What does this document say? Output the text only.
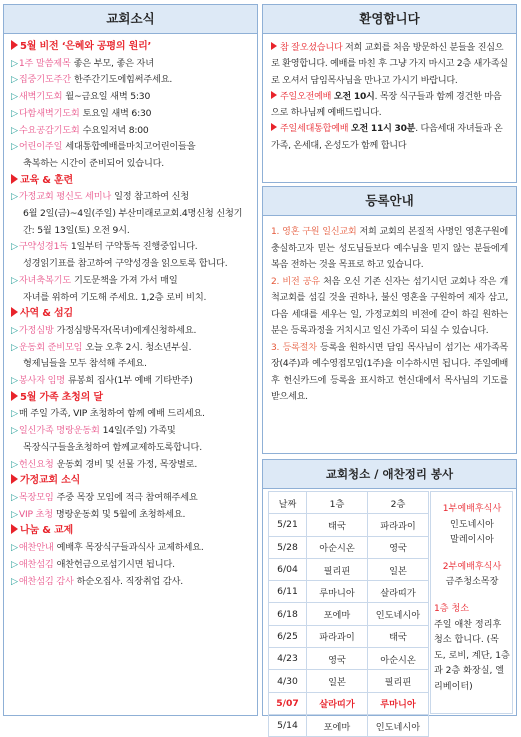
교회소식
5월 비전 ‘은혜와 공평의 원리’
▷1주 말씀제목 좋은 부모, 좋은 자녀
▷집중기도주간 한주간기도에힘써주세요.
▷새벽기도회 월~금요일 새벽 5:30
▷다함새벽기도회 토요일 새벽 6:30
▷수요공감기도회 수요일저녁 8:00
▷어린이주일 세대통합예배를마치고어린이들을
축복하는 시간이 준비되어 있습니다.
교육 & 훈련
▷가정교회 평신도 세미나 일정 참고하여 신청
6월 2일(금)~4일(주일) 부산미래로교회.4명신청 신청기간: 5월 13일(토) 오전 9시.
▷구약성경1독 1일부터 구약통독 진행중입니다.
성경읽기표를 참고하여 구약성경을 읽으토록 합니다.
▷자녀축복기도 기도문책을 가져 가서 매일
자녀를 위하여 기도해 주세요. 1,2층 로비 비치.
사역 & 섬김
▷가정심방 가정심방목자(목녀)에게신청하세요.
▷운동회 준비모임 오늘 오후 2시. 청소년부실.
형제님들을 모두 참석해 주세요.
▷봉사자 임명 류봉희 집사(1부 예배 기타반주)
5월 가족 초청의 달
▷매 주일 가족, VIP 초청하여 함께 예배 드리세요.
▷일신가족 명랑운동회 14일(주일) 가족및
목장식구들을초청하여 함께교제하도록합니다.
▷헌신요청 운동회 경비 및 선물 가정, 목장별로.
가정교회 소식
▷목장모임 주중 목장 모임에 적극 참여해주세요
▷VIP 초청 명랑운동회 및 5월에 초청하세요.
나눔 & 교제
▷애찬안내 예배후 목장식구들과식사 교제하세요.
▷애찬섬김 애찬헌금으로섬기시면 됩니다.
▷애찬섬김 감사 하순오집사. 직장취업 감사.
환영합니다
참 잘오셨습니다 저희 교회를 처음 방문하신 분들을 진심으로 환영합니다. 예배를 마친 후 그냥 가지 마시고 2층 새가족실로 오셔서 담임목사님을 만나고 가시기 바랍니다.
주일오전예배 오전 10시. 목장 식구들과 함께 경건한 마음으로 하나님께 예배드립니다.
주일세대통합예배 오전 11시 30분. 다음세대 자녀들과 온가족, 온세대, 온성도가 함께 합니다
등록안내
1. 영혼 구원 일신교회 저희 교회의 본질적 사명인 영혼구원에 충실하고자 믿는 성도님들보다 예수님을 믿지 않는 분들에게 복음 전하는 것을 목표로 하고 있습니다.
2. 비전 공유 처음 오신 기존 신자는 섬기시던 교회나 작은 개척교회를 섬길 것을 권하나, 불신 영혼을 구원하여 제자 삼고, 다음 세대를 세우는 일, 가정교회의 비전에 같이 하길 원하는 분은 등록과정을 거치시고 일신 가족이 되실 수 있습니다.
3. 등록절차 등록을 원하시면 담임 목사님이 섬기는 새가족목장(4주)과 예수영접모임(1주)을 이수하시면 됩니다. 주일예배후 헌신카드에 등록을 표시하고 헌신대에서 목사님의 기도를 받으세요.
교회청소 / 애찬정리 봉사
날짜	1층	2층
5/21	태국	파라과이
5/28	아순시온	영국
6/04	필리핀	일본
6/11	루마니아	살라띠가
6/18	포에마	인도네시아
6/25	파라과이	태국
4/23	영국	아순시온
4/30	일본	필리핀
5/07	살라띠가	루마니아
5/14	포에마	인도네시아
1부예배후식사
인도네시아
말레이시아
2부예배후식사
금주청소목장
1층 청소
주일 애찬 정리후 청소 합니다. (목도, 로비, 계단, 1층과 2층 화장실, 엘리베이터)
